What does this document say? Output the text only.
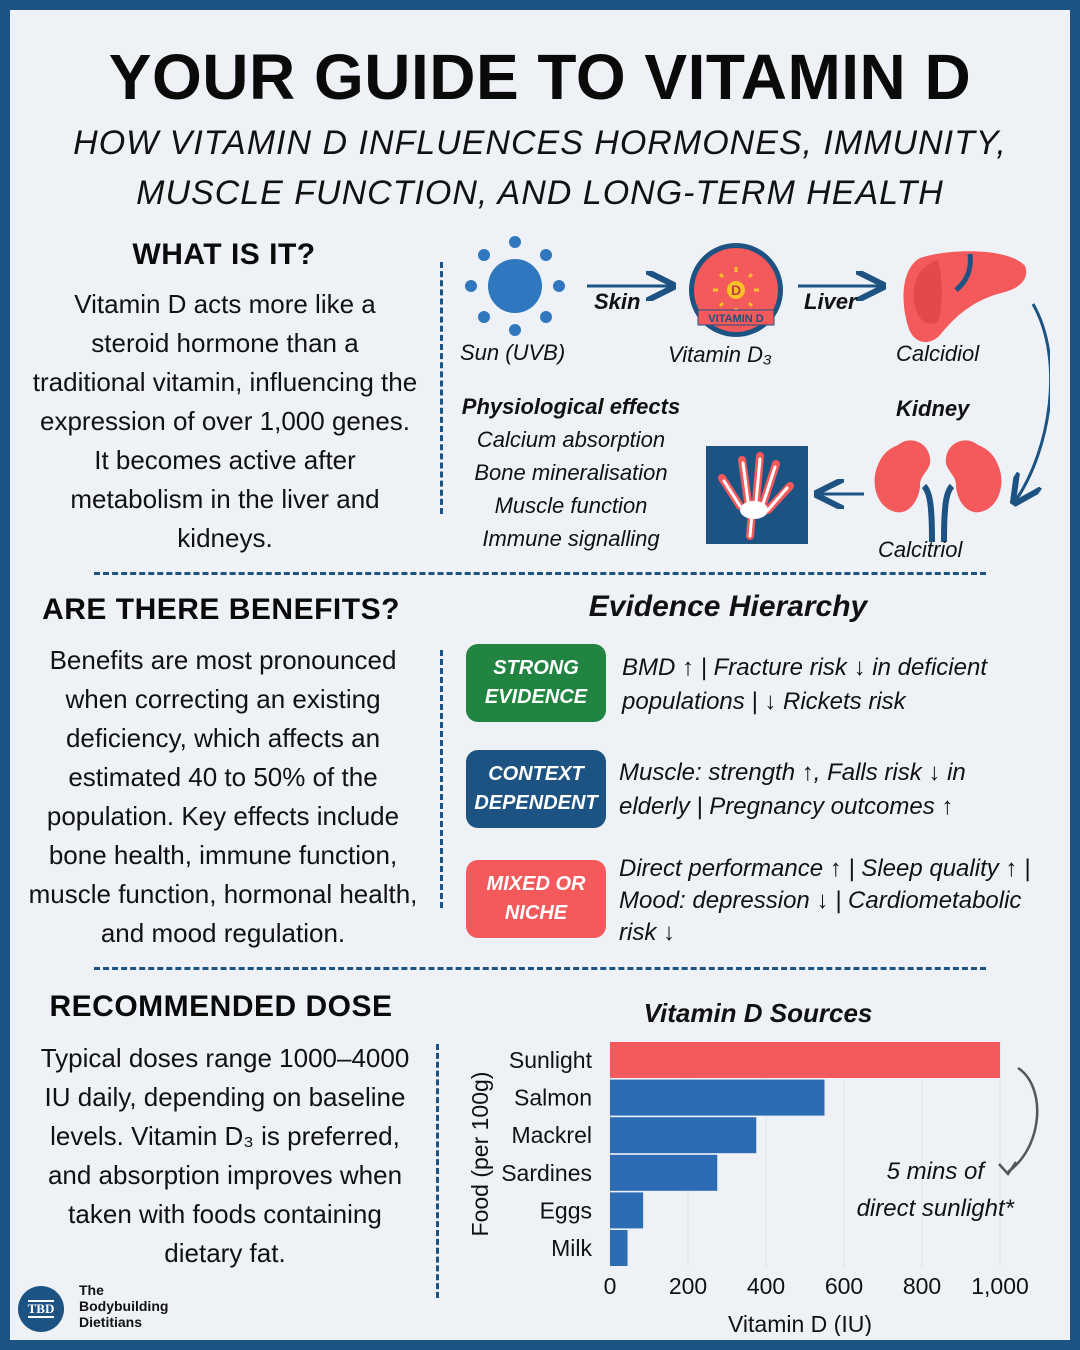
YOUR GUIDE TO VITAMIN D
HOW VITAMIN D INFLUENCES HORMONES, IMMUNITY,
MUSCLE FUNCTION, AND LONG-TERM HEALTH
WHAT IS IT?
Vitamin D acts more like a steroid hormone than a traditional vitamin, influencing the expression of over 1,000 genes. It becomes active after metabolism in the liver and kidneys.
D
VITAMIN D
Sun (UVB)
Skin
Vitamin D₃
Liver
Calcidiol
Kidney
Calcitriol
Physiological effects
Calcium absorption
Bone mineralisation
Muscle function
Immune signalling
ARE THERE BENEFITS?
Benefits are most pronounced when correcting an existing deficiency, which affects an estimated 40 to 50% of the population. Key effects include bone health, immune function, muscle function, hormonal health, and mood regulation.
Evidence Hierarchy
STRONG
EVIDENCE
BMD ↑ | Fracture risk ↓ in deficient populations | ↓ Rickets risk
CONTEXT
DEPENDENT
Muscle: strength ↑, Falls risk ↓ in elderly | Pregnancy outcomes ↑
MIXED OR
NICHE
Direct performance ↑ | Sleep quality ↑ | Mood: depression ↓ | Cardiometabolic risk ↓
RECOMMENDED DOSE
Typical doses range 1000–4000 IU daily, depending on baseline levels. Vitamin D₃ is preferred, and absorption improves when taken with foods containing dietary fat.
TBD
The
Bodybuilding
Dietitians
Vitamin D Sources
Sunlight
Salmon
Mackrel
Sardines
Eggs
Milk
0 200 400 600 800 1,000
Vitamin D (IU)
Food (per 100g)	5 mins of
direct sunlight*
